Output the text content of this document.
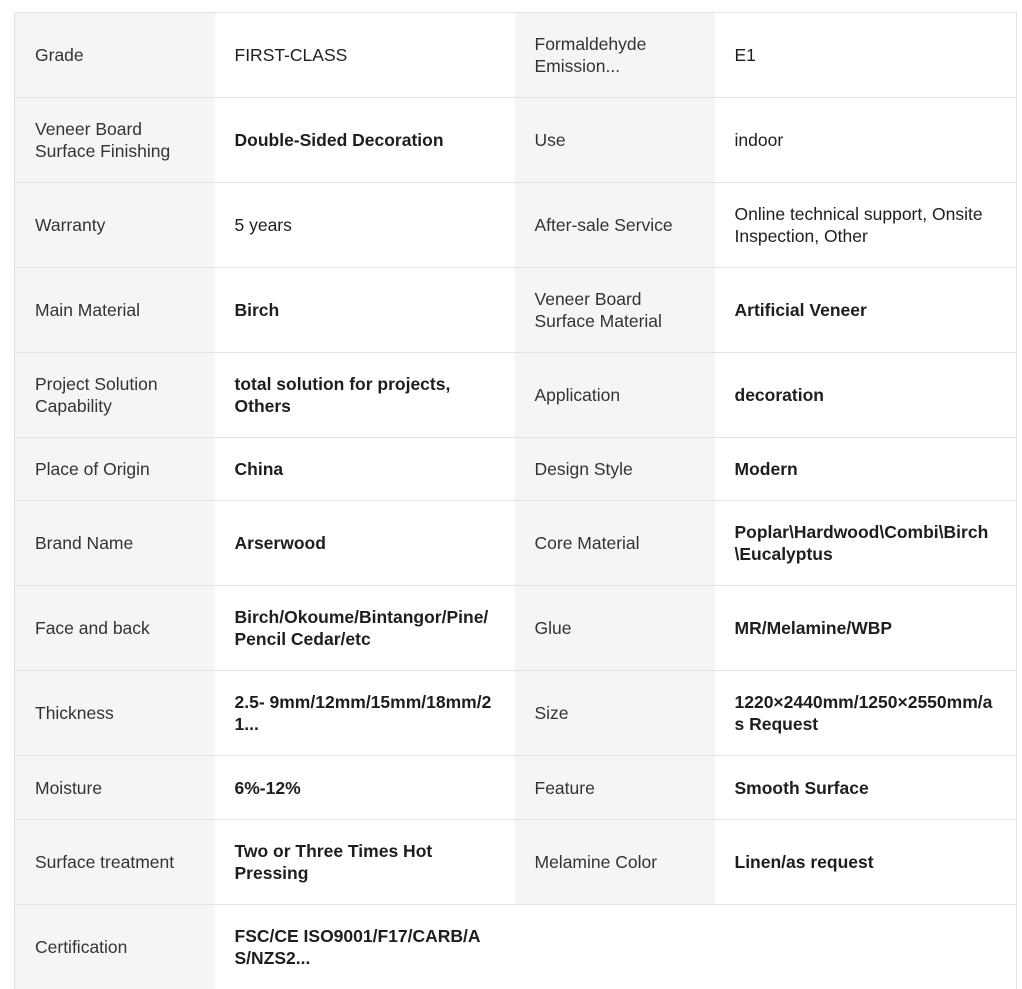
Grade	FIRST-CLASS	Formaldehyde Emission...	E1
Veneer Board Surface Finishing	Double-Sided Decoration	Use	indoor
Warranty	5 years	After-sale Service	Online technical support, Onsite Inspection, Other
Main Material	Birch	Veneer Board Surface Material	Artificial Veneer
Project Solution Capability	total solution for projects, Others	Application	decoration
Place of Origin	China	Design Style	Modern
Brand Name	Arserwood	Core Material	Poplar\Hardwood\Combi\Birch \Eucalyptus

Face and back	Birch/Okoume/Bintangor/Pine/ Pencil Cedar/etc	Glue	MR/Melamine/WBP
Thickness	2.5- 9mm/12mm/15mm/18mm/21...	Size	1220×2440mm/1250×2550mm/as Request

Moisture	6%-12%	Feature	Smooth Surface
Surface treatment	Two or Three Times Hot Pressing	Melamine Color	Linen/as request
Certification	FSC/CE ISO9001/F17/CARB/AS/NZS2...		
